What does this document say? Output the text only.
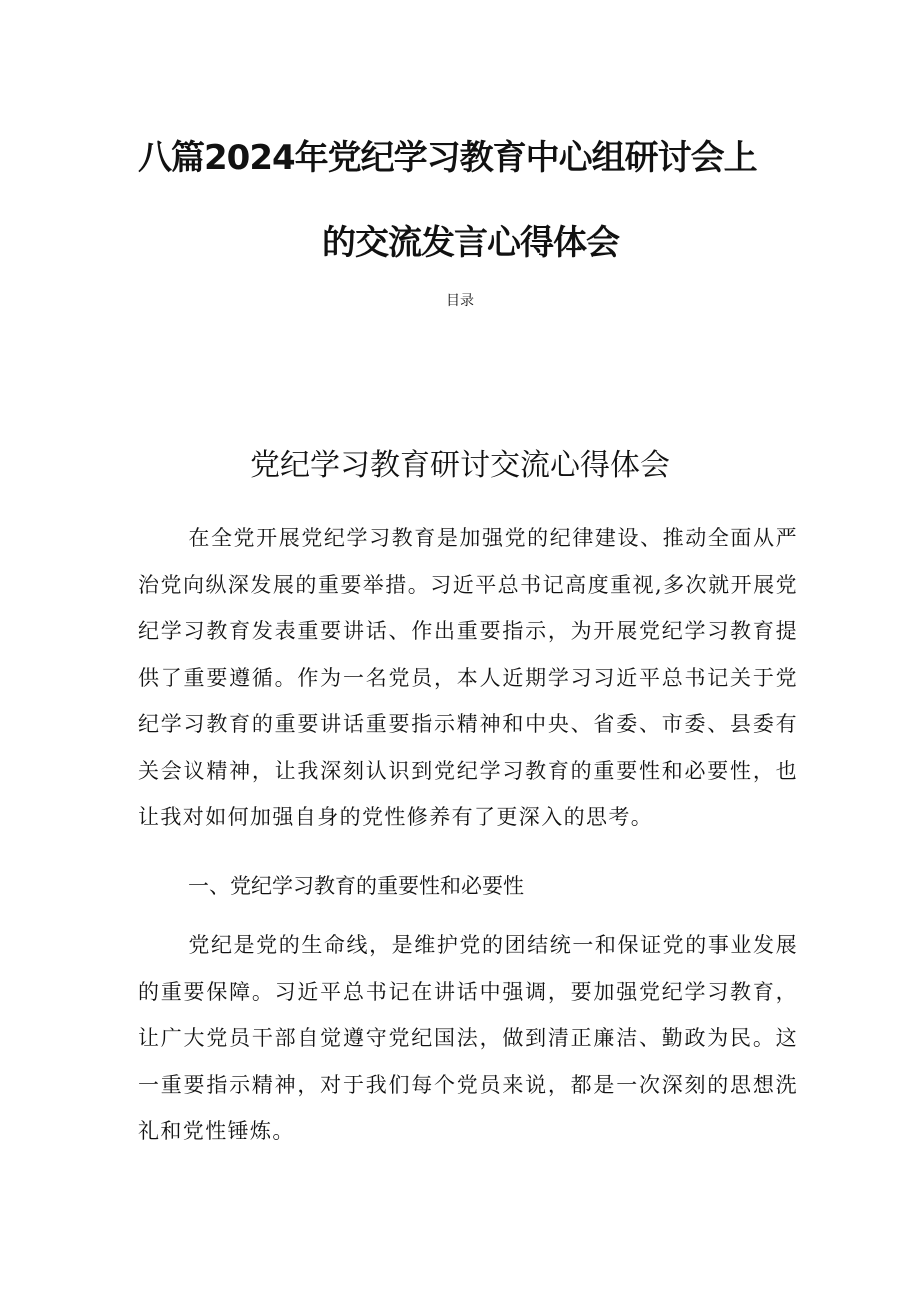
八篇2024年党纪学习教育中心组研讨会上
的交流发言心得体会
目录
党纪学习教育研讨交流心得体会

在全党开展党纪学习教育是加强党的纪律建设、推动全面从严治党向纵深发展的重要举措。习近平总书记高度重视,多次就开展党纪学习教育发表重要讲话、作出重要指示，为开展党纪学习教育提供了重要遵循。作为一名党员，本人近期学习习近平总书记关于党纪学习教育的重要讲话重要指示精神和中央、省委、市委、县委有关会议精神，让我深刻认识到党纪学习教育的重要性和必要性，也让我对如何加强自身的党性修养有了更深入的思考。

一、党纪学习教育的重要性和必要性

党纪是党的生命线，是维护党的团结统一和保证党的事业发展的重要保障。习近平总书记在讲话中强调，要加强党纪学习教育，让广大党员干部自觉遵守党纪国法，做到清正廉洁、勤政为民。这一重要指示精神，对于我们每个党员来说，都是一次深刻的思想洗礼和党性锤炼。
